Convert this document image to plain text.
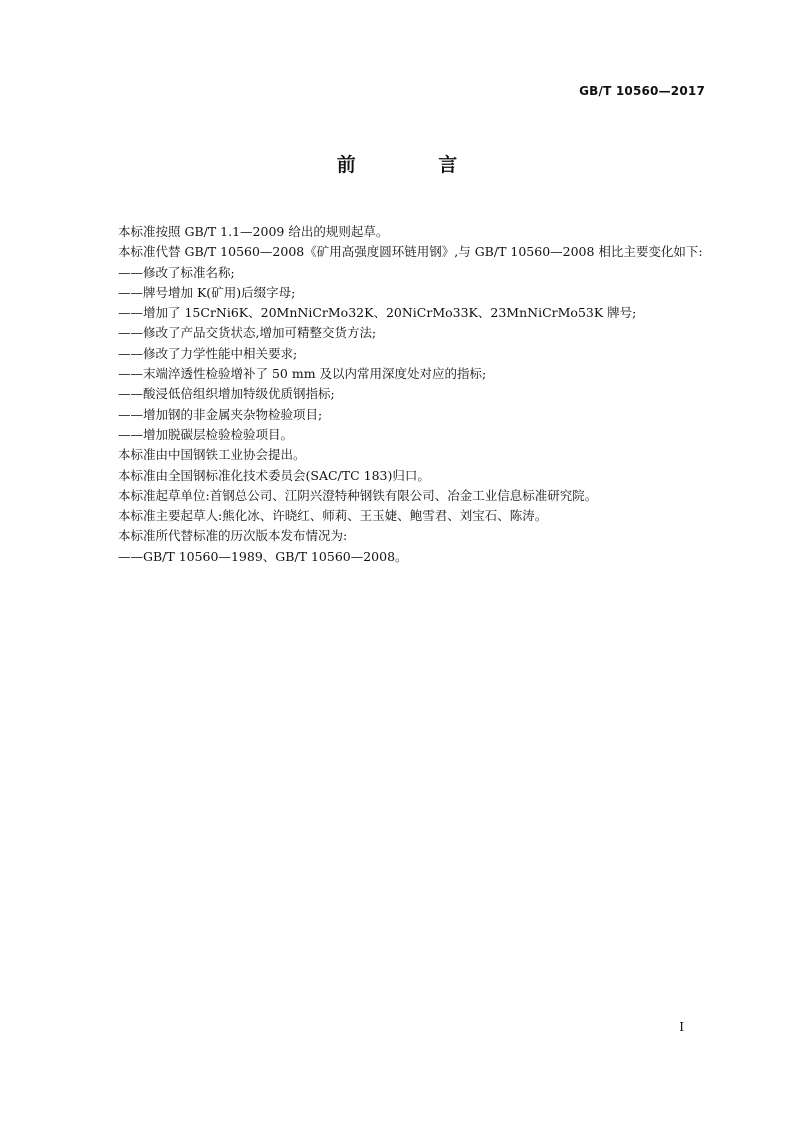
GB/T 10560—2017
前 言

本标准按照 GB/T 1.1—2009 给出的规则起草。

本标准代替 GB/T 10560—2008《矿用高强度圆环链用钢》,与 GB/T 10560—2008 相比主要变化如下:

——修改了标准名称;

——牌号增加 K(矿用)后缀字母;

——增加了 15CrNi6K、20MnNiCrMo32K、20NiCrMo33K、23MnNiCrMo53K 牌号;

——修改了产品交货状态,增加可精整交货方法;

——修改了力学性能中相关要求;

——末端淬透性检验增补了 50 mm 及以内常用深度处对应的指标;

——酸浸低倍组织增加特级优质钢指标;

——增加钢的非金属夹杂物检验项目;

——增加脱碳层检验检验项目。

本标准由中国钢铁工业协会提出。

本标准由全国钢标准化技术委员会(SAC/TC 183)归口。

本标准起草单位:首钢总公司、江阴兴澄特种钢铁有限公司、冶金工业信息标准研究院。

本标准主要起草人:熊化冰、许晓红、师莉、王玉婕、鲍雪君、刘宝石、陈涛。

本标准所代替标准的历次版本发布情况为:

——GB/T 10560—1989、GB/T 10560—2008。

I
